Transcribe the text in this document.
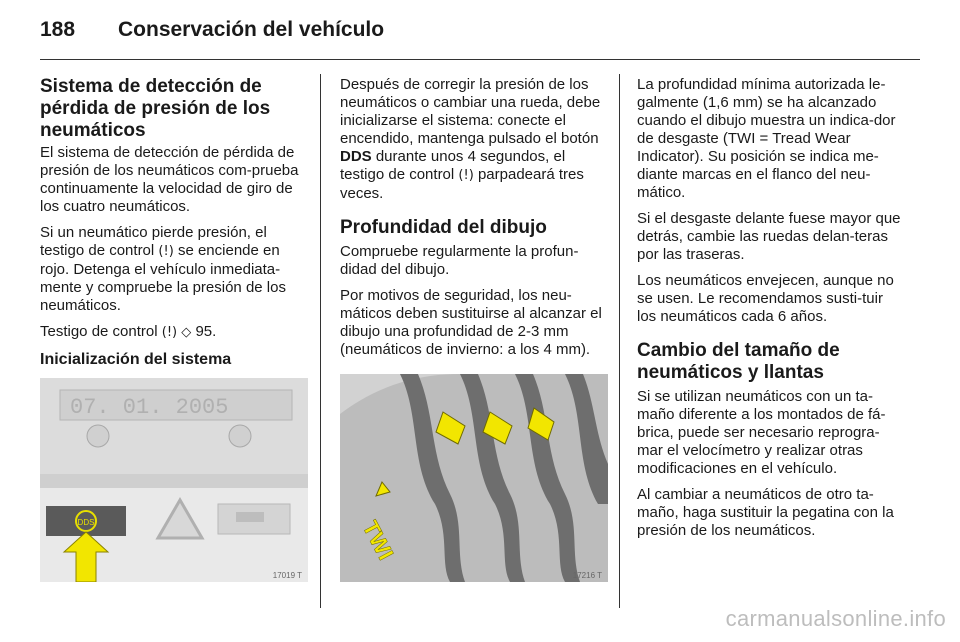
188 Conservación del vehículo
Sistema de detección de pérdida de presión de los neumáticos

El sistema de detección de pérdida de presión de los neumáticos com-prueba continuamente la velocidad de giro de los cuatro neumáticos.

Si un neumático pierde presión, el testigo de control (!) se enciende en rojo. Detenga el vehículo inmediata-mente y compruebe la presión de los neumáticos.

Testigo de control (!) ◇ 95.

Inicialización del sistema
07. 01. 2005
DDS
17019 T

Después de corregir la presión de los neumáticos o cambiar una rueda, debe inicializarse el sistema: conecte el encendido, mantenga pulsado el botón DDS durante unos 4 segundos, el testigo de control (!) parpadeará tres veces.

Profundidad del dibujo

Compruebe regularmente la profun-didad del dibujo.

Por motivos de seguridad, los neu-máticos deben sustituirse al alcanzar el dibujo una profundidad de 2-3 mm (neumáticos de invierno: a los 4 mm).

TWI
17216 T

La profundidad mínima autorizada le-galmente (1,6 mm) se ha alcanzado cuando el dibujo muestra un indica-dor de desgaste (TWI = Tread Wear Indicator). Su posición se indica me-diante marcas en el flanco del neu-mático.

Si el desgaste delante fuese mayor que detrás, cambie las ruedas delan-teras por las traseras.

Los neumáticos envejecen, aunque no se usen. Le recomendamos susti-tuir los neumáticos cada 6 años.

Cambio del tamaño de neumáticos y llantas

Si se utilizan neumáticos con un ta-maño diferente a los montados de fá-brica, puede ser necesario reprogra-mar el velocímetro y realizar otras modificaciones en el vehículo.

Al cambiar a neumáticos de otro ta-maño, haga sustituir la pegatina con la presión de los neumáticos.

carmanualsonline.info
